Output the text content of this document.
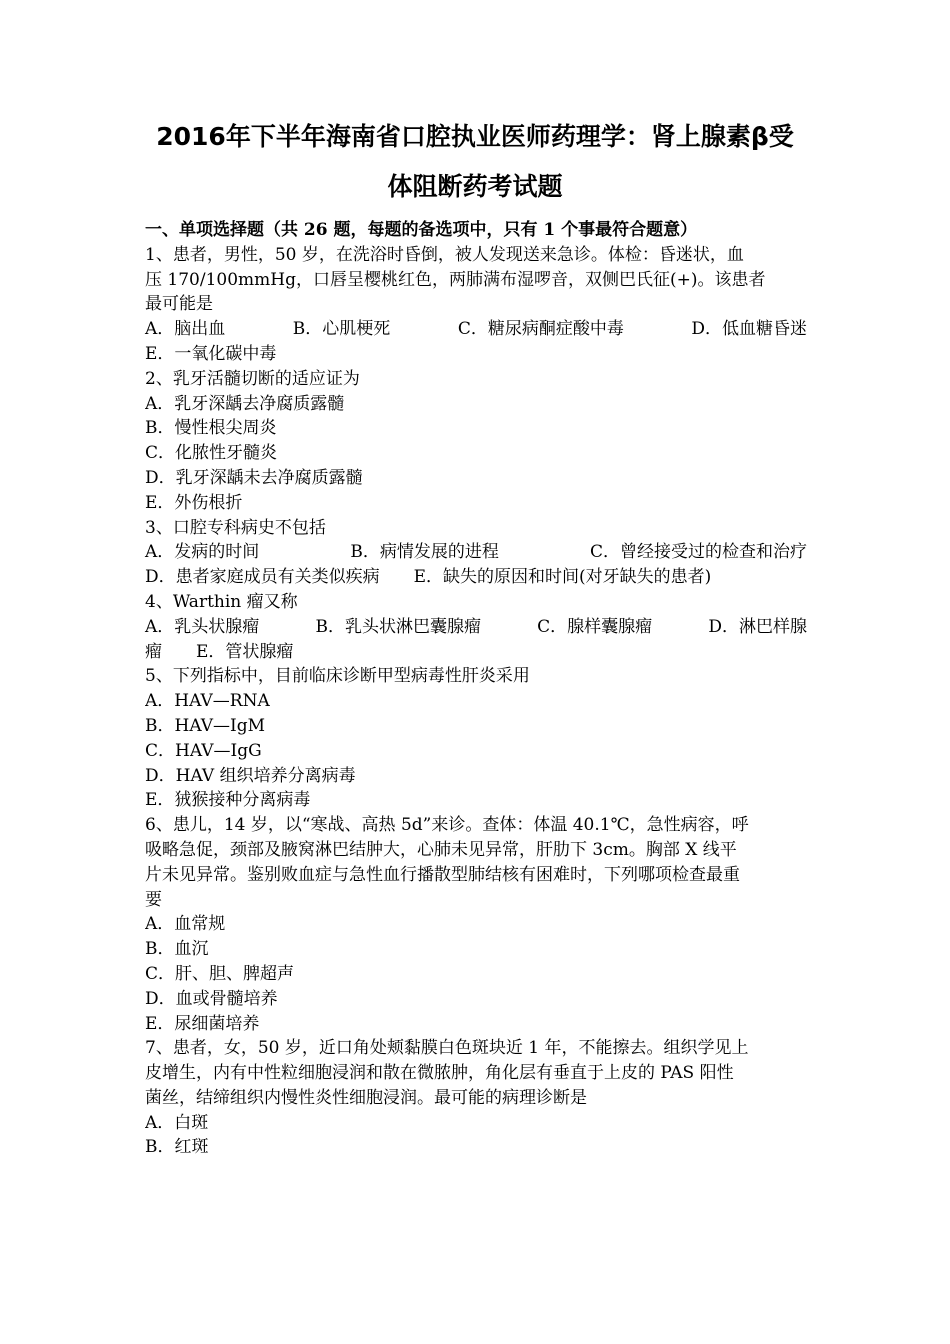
2016年下半年海南省口腔执业医师药理学：肾上腺素β受
体阻断药考试题
一、单项选择题（共 26 题，每题的备选项中，只有 1 个事最符合题意）
1、患者，男性，50 岁，在洗浴时昏倒，被人发现送来急诊。体检：昏迷状，血
压 170/100mmHg，口唇呈樱桃红色，两肺满布湿啰音，双侧巴氏征(+)。该患者
最可能是
A．脑出血	B．心肌梗死	C．糖尿病酮症酸中毒	D．低血糖昏迷
E．一氧化碳中毒
2、乳牙活髓切断的适应证为
A．乳牙深龋去净腐质露髓
B．慢性根尖周炎
C．化脓性牙髓炎
D．乳牙深龋未去净腐质露髓
E．外伤根折
3、口腔专科病史不包括
A．发病的时间	B．病情发展的进程	C．曾经接受过的检查和治疗
D．患者家庭成员有关类似疾病 E．缺失的原因和时间(对牙缺失的患者)
4、Warthin 瘤又称
A．乳头状腺瘤	B．乳头状淋巴囊腺瘤	C．腺样囊腺瘤	D．淋巴样腺
瘤 E．管状腺瘤
5、下列指标中，目前临床诊断甲型病毒性肝炎采用
A．HAV—RNA
B．HAV—IgM
C．HAV—IgG
D．HAV 组织培养分离病毒
E．狨猴接种分离病毒
6、患儿，14 岁，以“寒战、高热 5d”来诊。查体：体温 40.1℃，急性病容，呼
吸略急促，颈部及腋窝淋巴结肿大，心肺未见异常，肝肋下 3cm。胸部 X 线平
片未见异常。鉴别败血症与急性血行播散型肺结核有困难时，下列哪项检查最重
要
A．血常规
B．血沉
C．肝、胆、脾超声
D．血或骨髓培养
E．尿细菌培养
7、患者，女，50 岁，近口角处颊黏膜白色斑块近 1 年，不能擦去。组织学见上
皮增生，内有中性粒细胞浸润和散在微脓肿，角化层有垂直于上皮的 PAS 阳性
菌丝，结缔组织内慢性炎性细胞浸润。最可能的病理诊断是
A．白斑
B．红斑
